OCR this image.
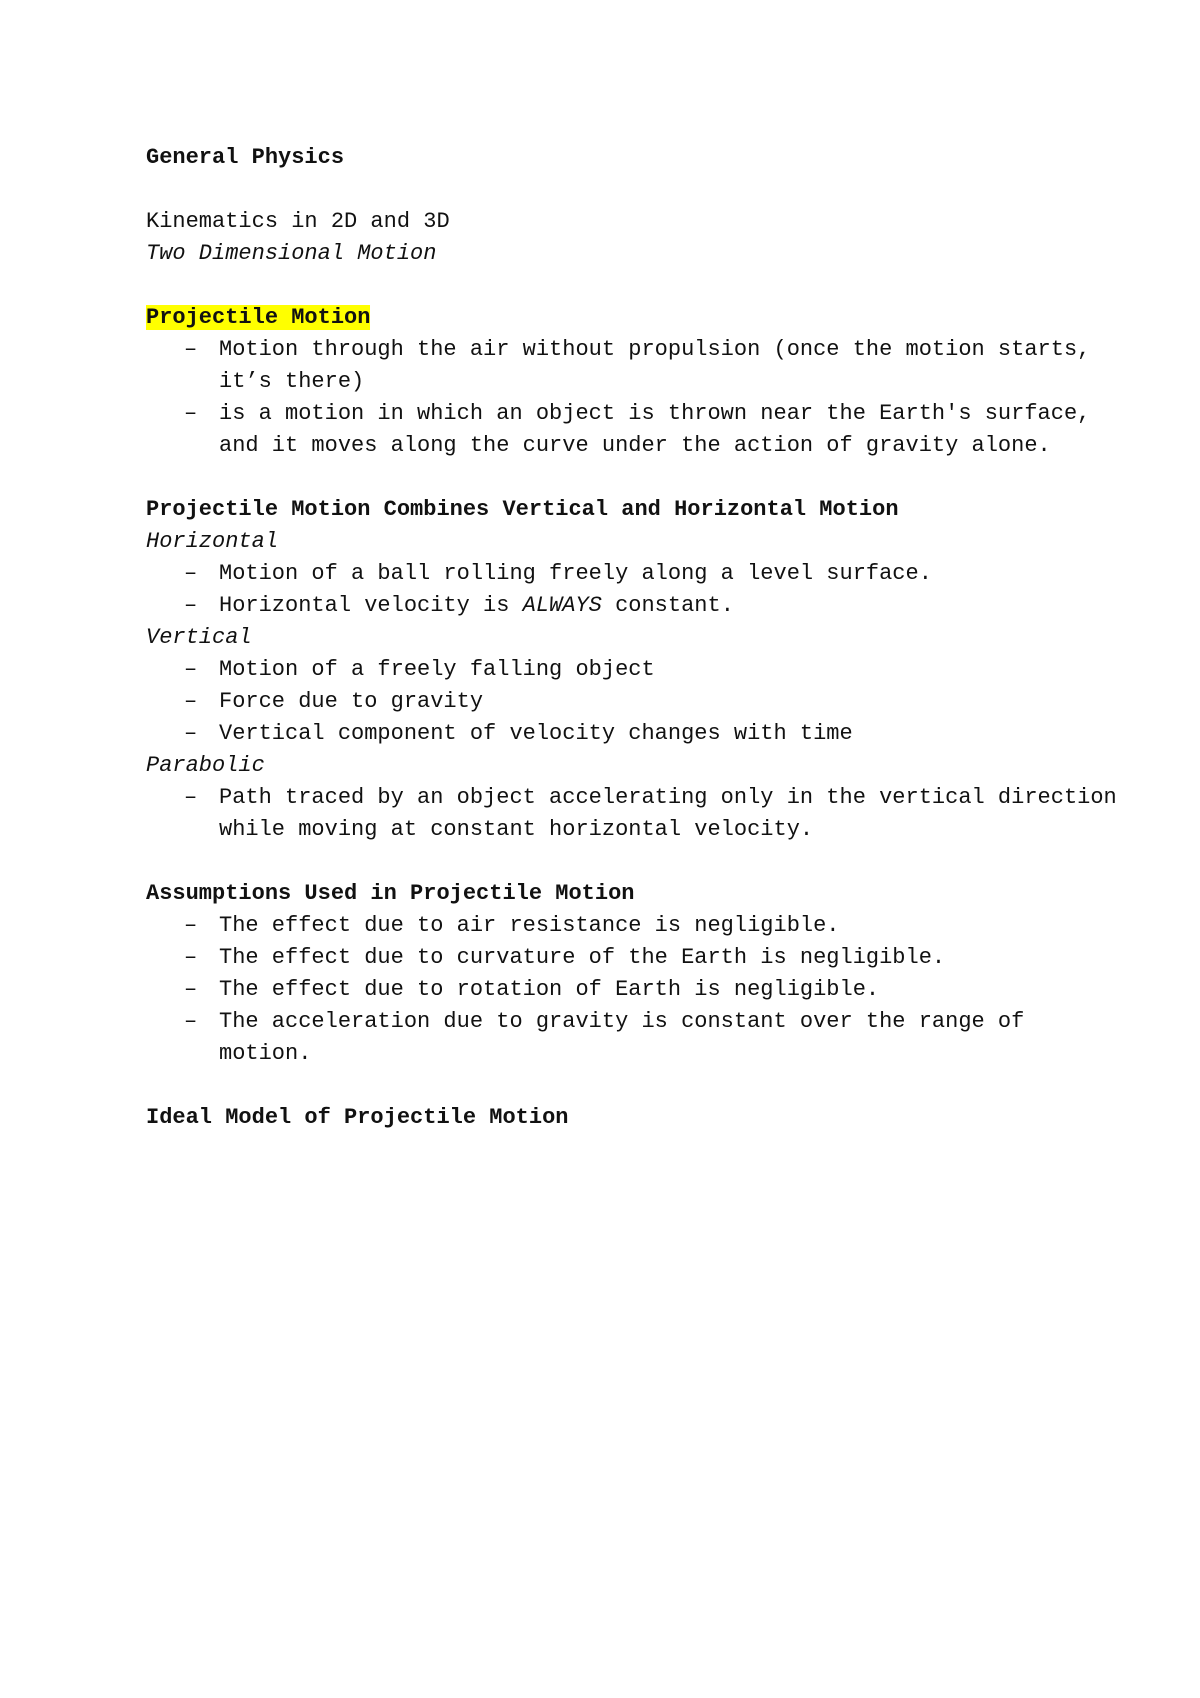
General Physics
Kinematics in 2D and 3D
Two Dimensional Motion
Projectile Motion
– Motion through the air without propulsion (once the motion starts, it’s there)
– is a motion in which an object is thrown near the Earth's surface, and it moves along the curve under the action of gravity alone.
Projectile Motion Combines Vertical and Horizontal Motion
Horizontal
– Motion of a ball rolling freely along a level surface.
– Horizontal velocity is ALWAYS constant.
Vertical
– Motion of a freely falling object
– Force due to gravity
– Vertical component of velocity changes with time
Parabolic
– Path traced by an object accelerating only in the vertical direction while moving at constant horizontal velocity.
Assumptions Used in Projectile Motion
– The effect due to air resistance is negligible.
– The effect due to curvature of the Earth is negligible.
– The effect due to rotation of Earth is negligible.
– The acceleration due to gravity is constant over the range of motion.
Ideal Model of Projectile Motion
